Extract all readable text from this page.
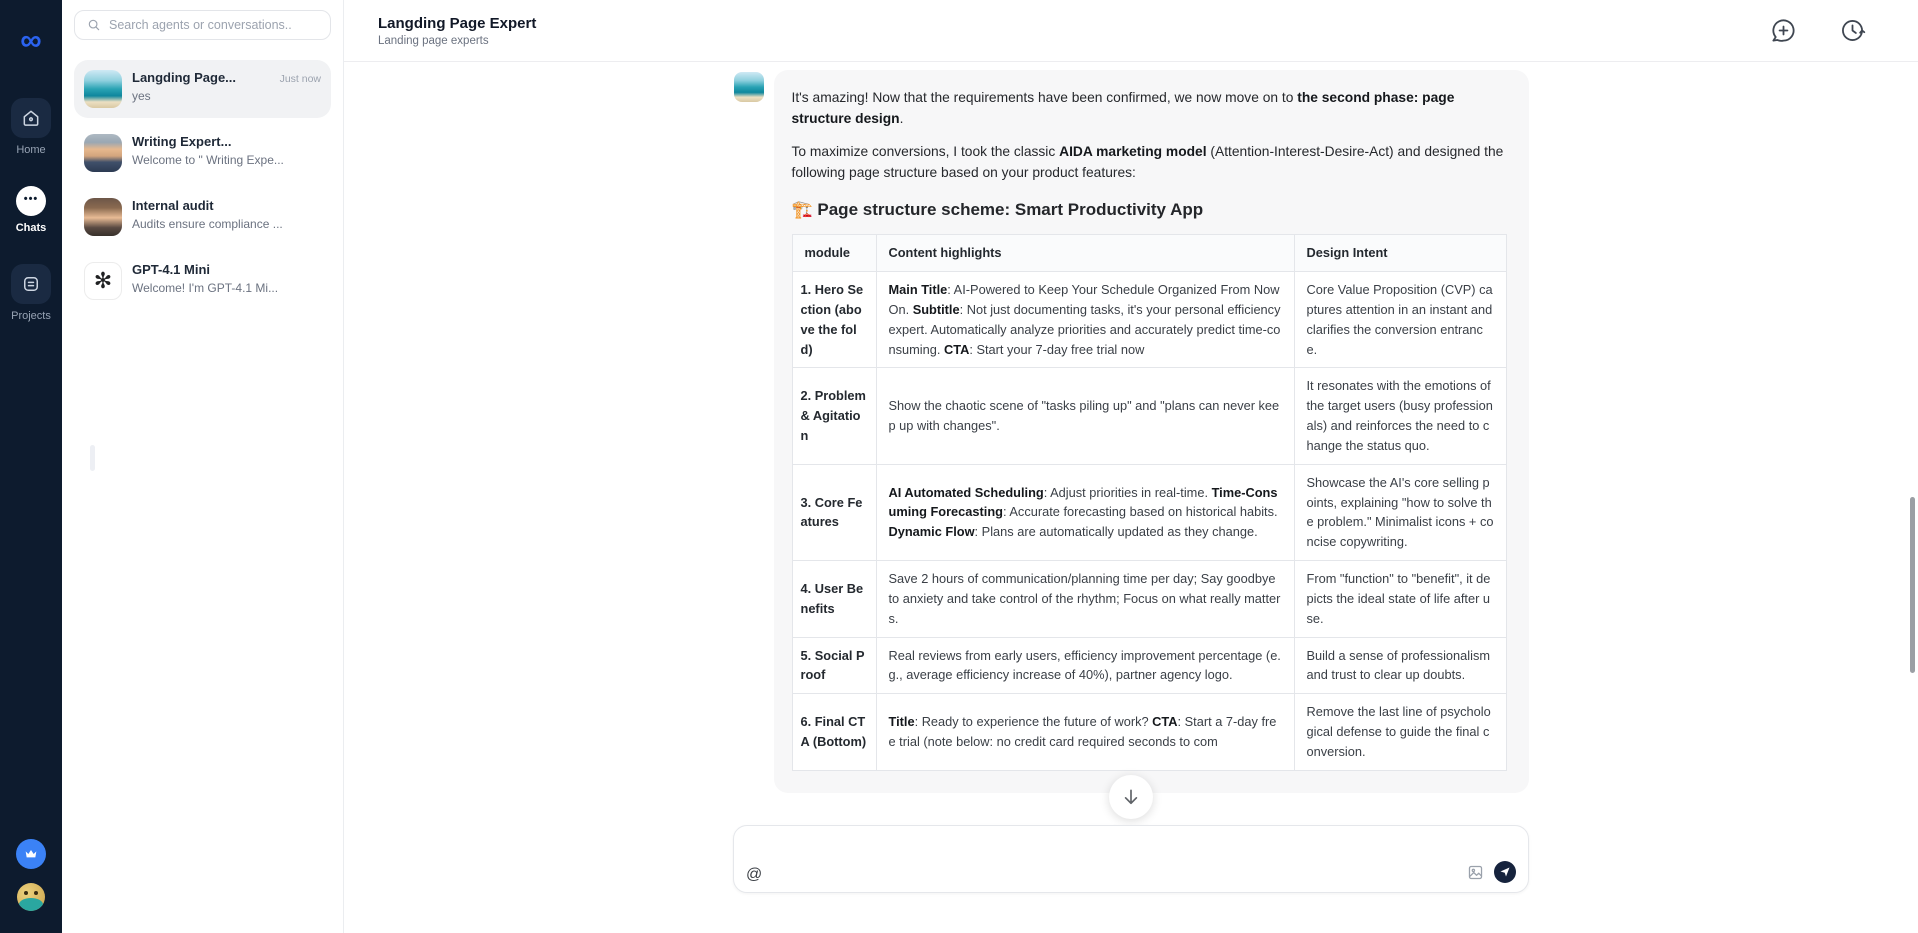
∞
Home
•••
Chats
Projects
Search agents or conversations..
Langding Page...	Just now
yes
Writing Expert...
Welcome to " Writing Expe...
Internal audit
Audits ensure compliance ...
✻	GPT-4.1 Mini
Welcome! I'm GPT-4.1 Mi...
Langding Page Expert
Landing page experts

It's amazing! Now that the requirements have been confirmed, we now move on to the second phase: page structure design.

To maximize conversions, I took the classic AIDA marketing model (Attention-Interest-Desire-Act) and designed the following page structure based on your product features:

🏗️ Page structure scheme: Smart Productivity App
module	Content highlights	Design Intent
1. Hero Section (above the fold)	Main Title: AI-Powered to Keep Your Schedule Organized From Now On. Subtitle: Not just documenting tasks, it's your personal efficiency expert. Automatically analyze priorities and accurately predict time-consuming. CTA: Start your 7-day free trial now	Core Value Proposition (CVP) captures attention in an instant and clarifies the conversion entrance.
2. Problem & Agitation	Show the chaotic scene of "tasks piling up" and "plans can never keep up with changes".	It resonates with the emotions of the target users (busy professionals) and reinforces the need to change the status quo.
3. Core Features	AI Automated Scheduling: Adjust priorities in real-time. Time-Consuming Forecasting: Accurate forecasting based on historical habits. Dynamic Flow: Plans are automatically updated as they change.	Showcase the AI's core selling points, explaining "how to solve the problem." Minimalist icons + concise copywriting.
4. User Benefits	Save 2 hours of communication/planning time per day; Say goodbye to anxiety and take control of the rhythm; Focus on what really matters.	From "function" to "benefit", it depicts the ideal state of life after use.
5. Social Proof	Real reviews from early users, efficiency improvement percentage (e.g., average efficiency increase of 40%), partner agency logo.	Build a sense of professionalism and trust to clear up doubts.
6. Final CTA (Bottom)	Title: Ready to experience the future of work? CTA: Start a 7-day free trial (note below: no credit card required seconds to com	Remove the last line of psychological defense to guide the final conversion.
@
